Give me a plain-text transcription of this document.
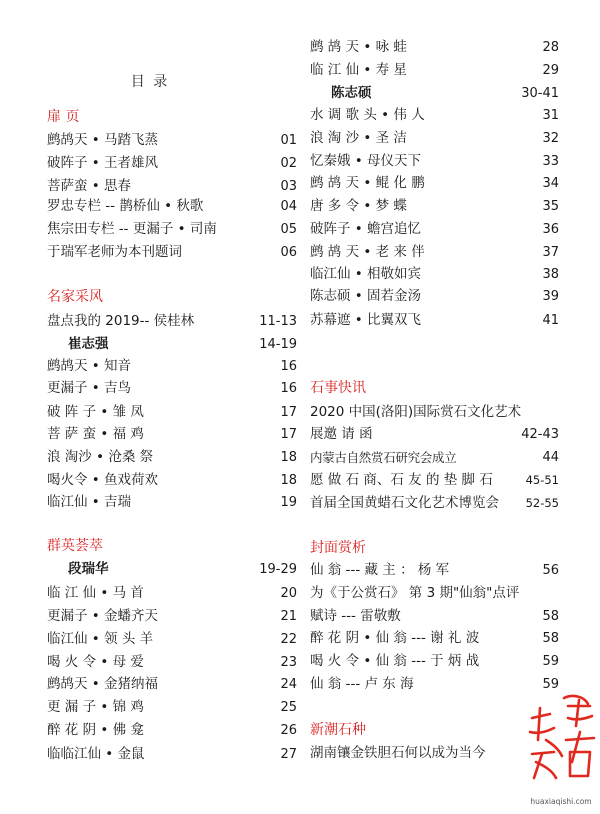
目 录
扉 页
鹧鸪天 • 马踏飞蒸	01
破阵子 • 王者雄风	02
菩萨蛮 • 思春	03
罗忠专栏 -- 鹊桥仙 • 秋歌	04
焦宗田专栏 -- 更漏子 • 司南	05
于瑞军老师为本刊题词	06
名家采风
盘点我的 2019-- 侯桂林	11-13
崔志强	14-19
鹧鸪天 • 知音	16
更漏子 • 吉鸟	16
破 阵 子 • 雏 凤	17
菩 萨 蛮 • 福 鸡	17
浪 淘沙 • 沧桑 祭	18
喝火令 • 鱼戏荷欢	18
临江仙 • 吉瑞	19
群英荟萃
段瑞华	19-29
临 江 仙 • 马 首	20
更漏子 • 金蟠齐天	21
临江仙 • 领 头 羊	22
喝 火 令 • 母 爱	23
鹧鸪天 • 金猪纳福	24
更 漏 子 • 锦 鸡	25
醉 花 阴 • 佛 龛	26
临临江仙 • 金鼠	27
鹧 鸪 天 • 咏 蛙	28
临 江 仙 • 寿 星	29
陈志硕	30-41
水 调 歌 头 • 伟 人	31
浪 淘 沙 • 圣 洁	32
忆秦娥 • 母仪天下	33
鹧 鸪 天 • 鲲 化 鹏	34
唐 多 令 • 梦 蝶	35
破阵子 • 蟾宫追忆	36
鹧 鸪 天 • 老 来 伴	37
临江仙 • 相敬如宾	38
陈志硕 • 固若金汤	39
苏幕遮 • 比翼双飞	41
石事快讯
2020 中国(洛阳)国际赏石文化艺术
展邀 请 函	42-43
内蒙古自然赏石研究会成立	44
愿 做 石 商、石 友 的 垫 脚 石	45-51
首届全国黄蜡石文化艺术博览会 52-55
封面赏析
仙 翁 --- 藏 主 ： 杨 军	56
为《于公赏石》 第 3 期"仙翁"点评
赋诗 --- 雷敬敷	58
醉 花 阴 • 仙 翁 --- 谢 礼 波	58
喝 火 令 • 仙 翁 --- 于 炳 战	59
仙 翁 --- 卢 东 海	59
新潮石种
湖南镶金铁胆石何以成为当今
huaxiaqishi.com
